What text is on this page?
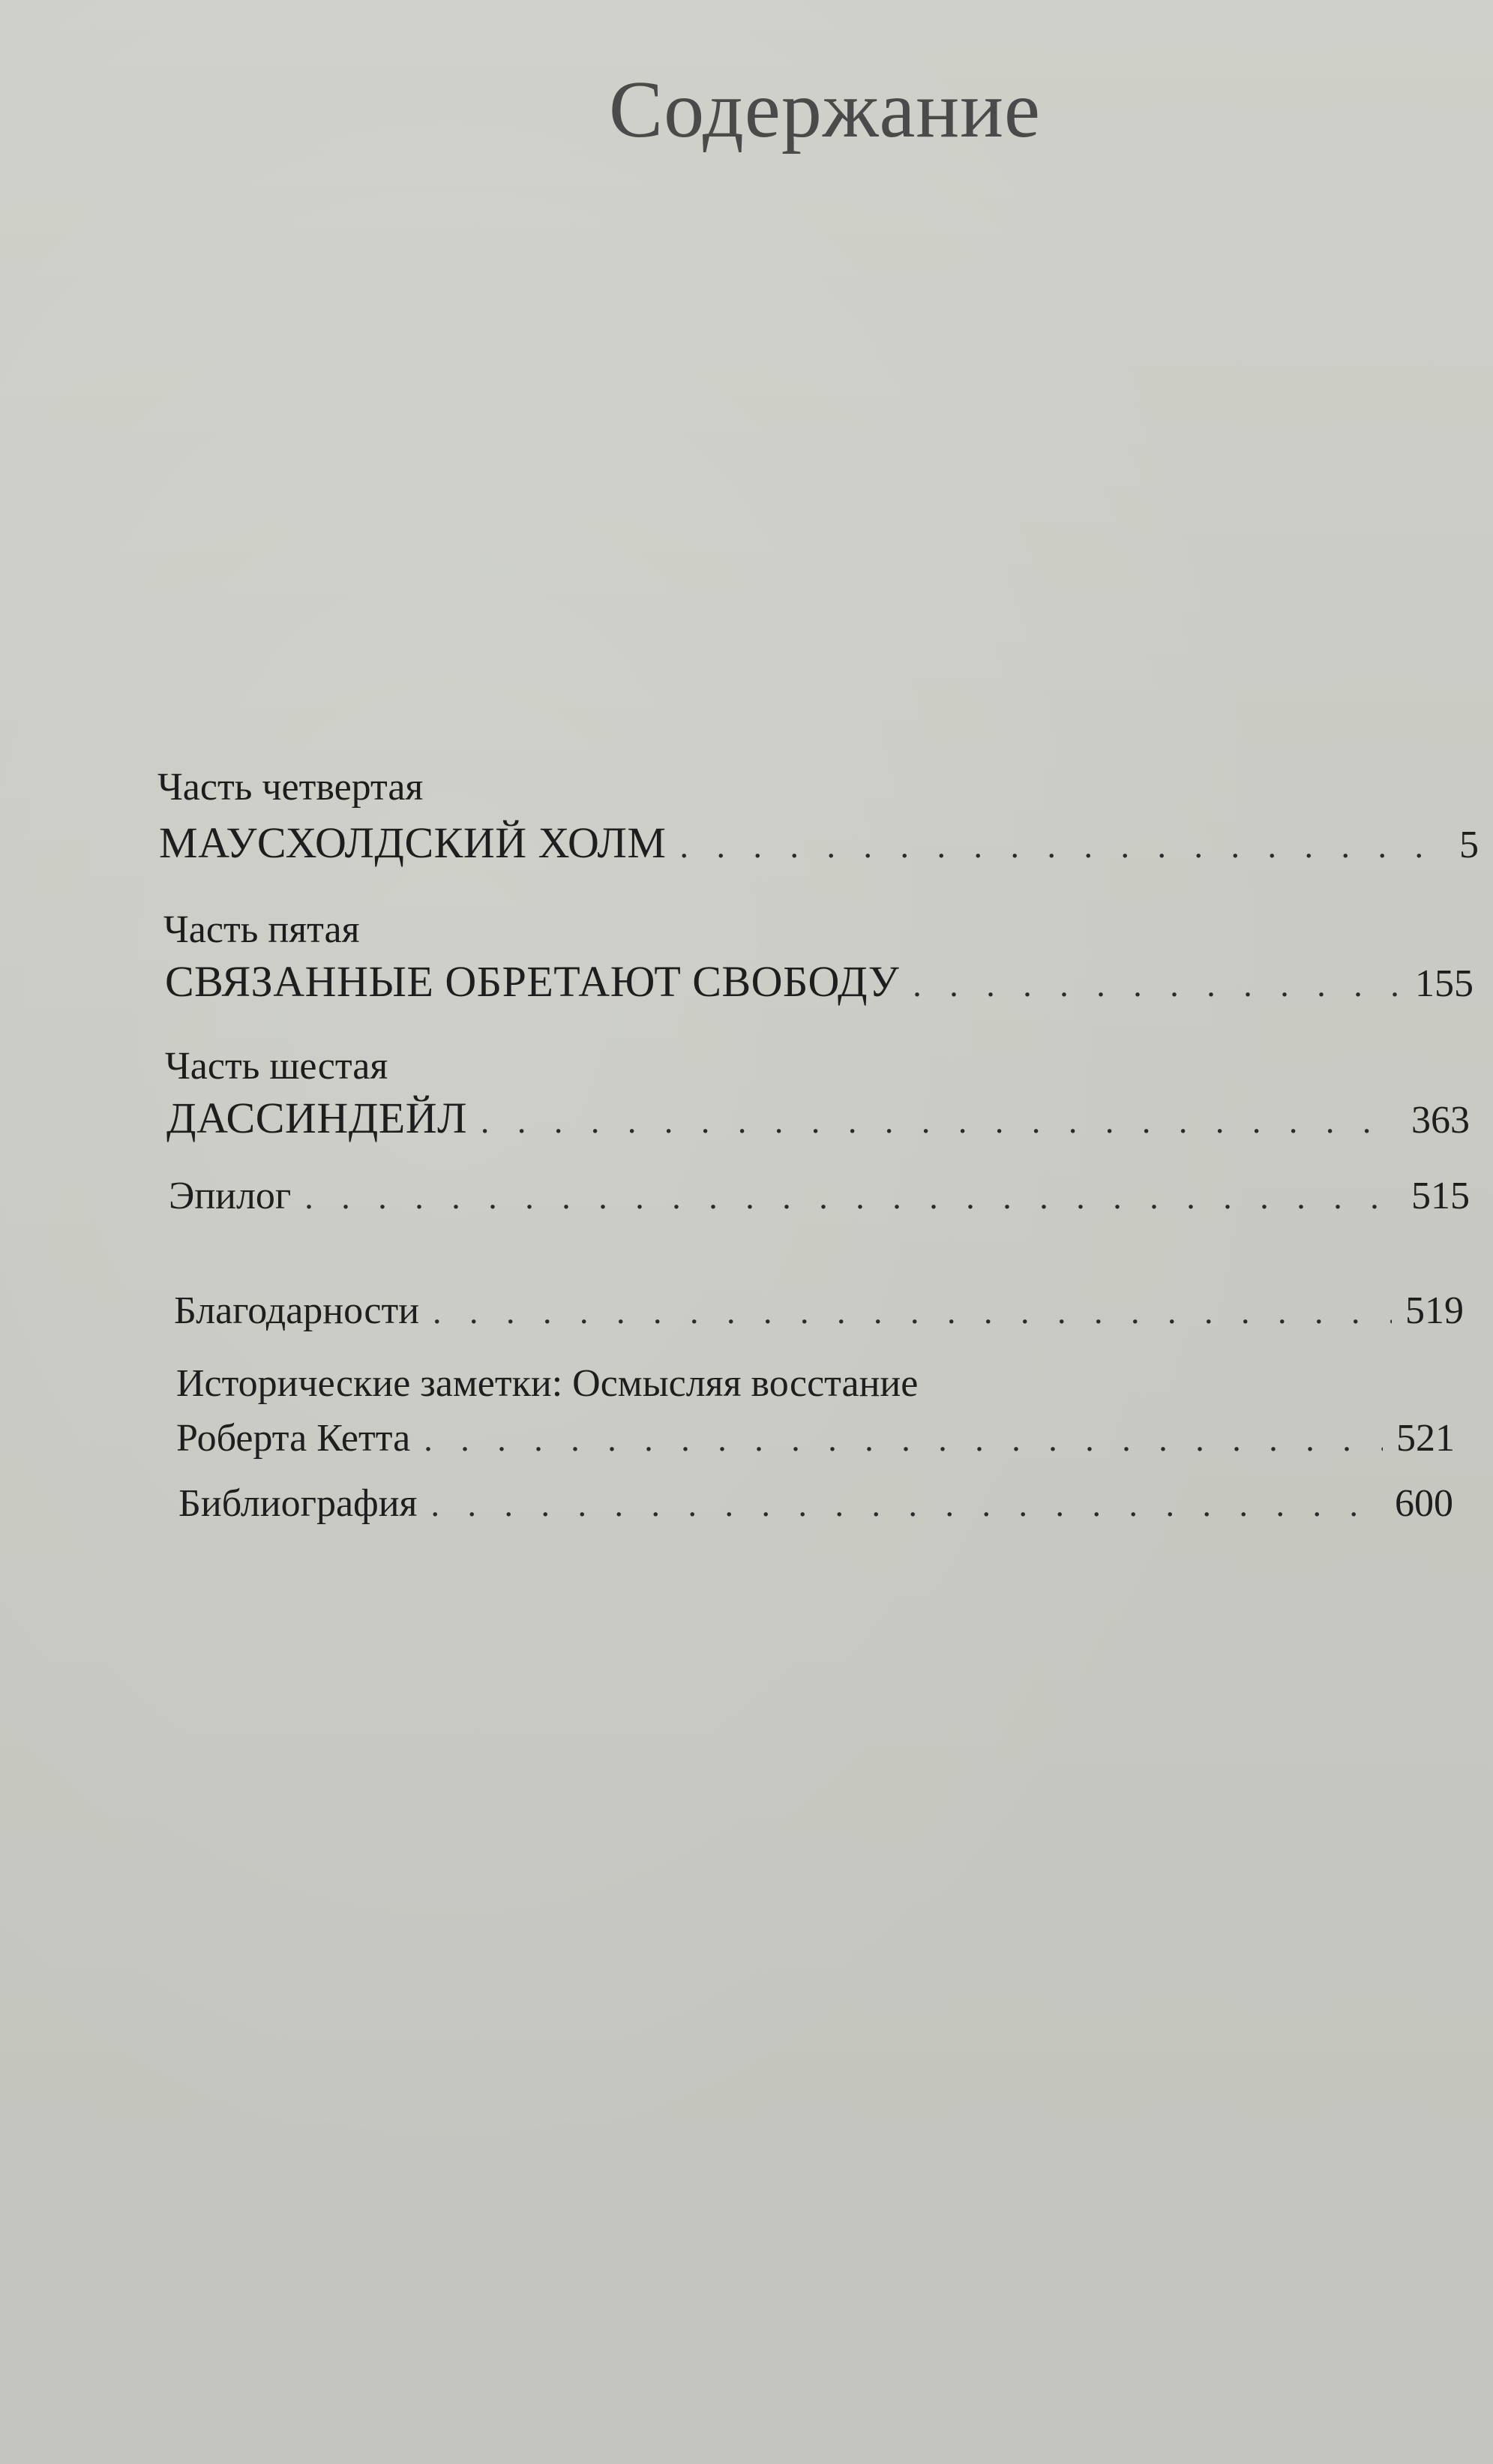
Содержание
Часть четвертая
МАУСХОЛДСКИЙ ХОЛМ . . .	5
Часть пятая
СВЯЗАННЫЕ ОБРЕТАЮТ СВОБОДУ . . .	155
Часть шестая
ДАССИНДЕЙЛ . . .	363
Эпилог . . .	515
Благодарности . . .	519
Исторические заметки: Осмысляя восстание
Роберта Кетта . . .	521
Библиография . . .	600
